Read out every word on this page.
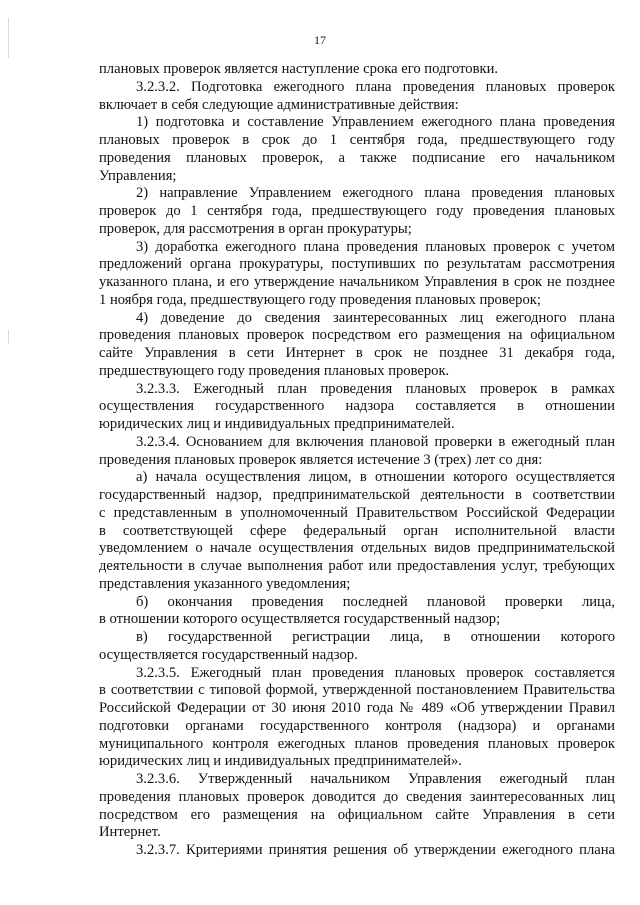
17

плановых проверок является наступление срока его подготовки.

3.2.3.2. Подготовка ежегодного плана проведения плановых проверок
включает в себя следующие административные действия:

1) подготовка и составление Управлением ежегодного плана проведения
плановых проверок в срок до 1 сентября года, предшествующего году
проведения плановых проверок, а также подписание его начальником
Управления;

2) направление Управлением ежегодного плана проведения плановых
проверок до 1 сентября года, предшествующего году проведения плановых
проверок, для рассмотрения в орган прокуратуры;

3) доработка ежегодного плана проведения плановых проверок с учетом
предложений органа прокуратуры, поступивших по результатам рассмотрения
указанного плана, и его утверждение начальником Управления в срок не позднее
1 ноября года, предшествующего году проведения плановых проверок;

4) доведение до сведения заинтересованных лиц ежегодного плана
проведения плановых проверок посредством его размещения на официальном
сайте Управления в сети Интернет в срок не позднее 31 декабря года,
предшествующего году проведения плановых проверок.

3.2.3.3. Ежегодный план проведения плановых проверок в рамках
осуществления государственного надзора составляется в отношении
юридических лиц и индивидуальных предпринимателей.

3.2.3.4. Основанием для включения плановой проверки в ежегодный план
проведения плановых проверок является истечение 3 (трех) лет со дня:

а) начала осуществления лицом, в отношении которого осуществляется
государственный надзор, предпринимательской деятельности в соответствии
с представленным в уполномоченный Правительством Российской Федерации
в соответствующей сфере федеральный орган исполнительной власти
уведомлением о начале осуществления отдельных видов предпринимательской
деятельности в случае выполнения работ или предоставления услуг, требующих
представления указанного уведомления;

б) окончания проведения последней плановой проверки лица,
в отношении которого осуществляется государственный надзор;

в) государственной регистрации лица, в отношении которого
осуществляется государственный надзор.

3.2.3.5. Ежегодный план проведения плановых проверок составляется
в соответствии с типовой формой, утвержденной постановлением Правительства
Российской Федерации от 30 июня 2010 года № 489 «Об утверждении Правил
подготовки органами государственного контроля (надзора) и органами
муниципального контроля ежегодных планов проведения плановых проверок
юридических лиц и индивидуальных предпринимателей».

3.2.3.6. Утвержденный начальником Управления ежегодный план
проведения плановых проверок доводится до сведения заинтересованных лиц
посредством его размещения на официальном сайте Управления в сети
Интернет.

3.2.3.7. Критериями принятия решения об утверждении ежегодного плана
